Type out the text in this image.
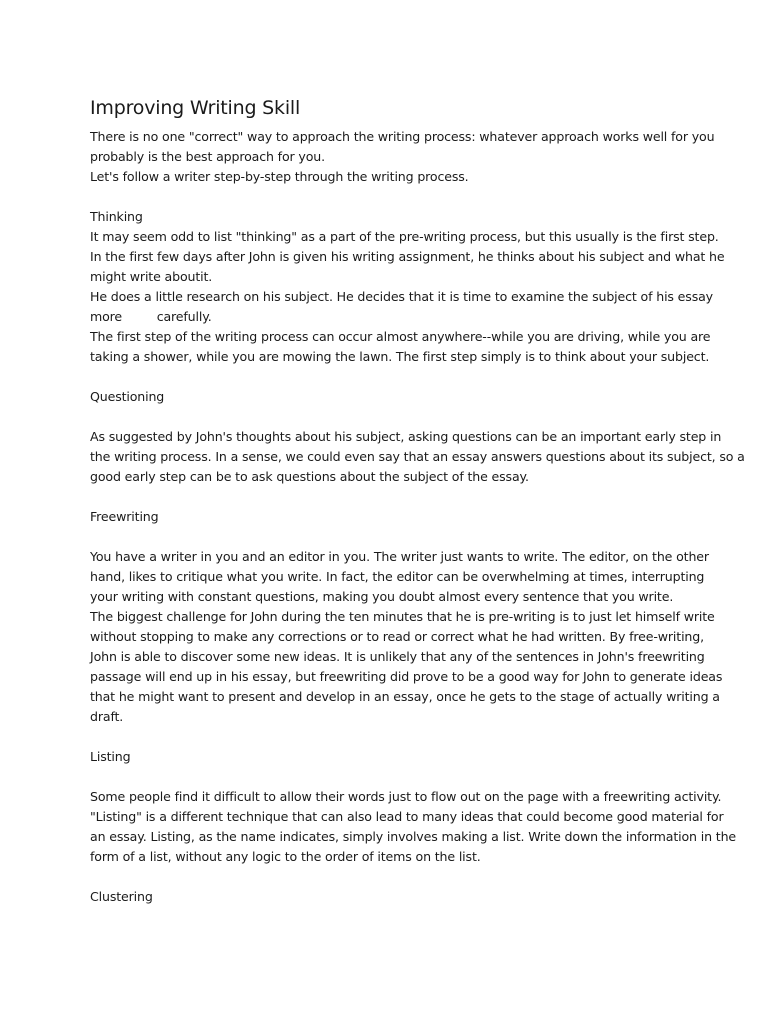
Improving Writing Skill
There is no one "correct" way to approach the writing process: whatever approach works well for you
probably is the best approach for you.
Let's follow a writer step-by-step through the writing process.
Thinking
It may seem odd to list "thinking" as a part of the pre-writing process, but this usually is the first step.
In the first few days after John is given his writing assignment, he thinks about his subject and what he
might write aboutit.
He does a little research on his subject. He decides that it is time to examine the subject of his essay
more         carefully.
The first step of the writing process can occur almost anywhere--while you are driving, while you are
taking a shower, while you are mowing the lawn. The first step simply is to think about your subject.
Questioning
As suggested by John's thoughts about his subject, asking questions can be an important early step in
the writing process. In a sense, we could even say that an essay answers questions about its subject, so a
good early step can be to ask questions about the subject of the essay.
Freewriting
You have a writer in you and an editor in you. The writer just wants to write. The editor, on the other
hand, likes to critique what you write. In fact, the editor can be overwhelming at times, interrupting
your writing with constant questions, making you doubt almost every sentence that you write.
The biggest challenge for John during the ten minutes that he is pre-writing is to just let himself write
without stopping to make any corrections or to read or correct what he had written. By free-writing,
John is able to discover some new ideas. It is unlikely that any of the sentences in John's freewriting
passage will end up in his essay, but freewriting did prove to be a good way for John to generate ideas
that he might want to present and develop in an essay, once he gets to the stage of actually writing a
draft.
Listing
Some people find it difficult to allow their words just to flow out on the page with a freewriting activity.
"Listing" is a different technique that can also lead to many ideas that could become good material for
an essay. Listing, as the name indicates, simply involves making a list. Write down the information in the
form of a list, without any logic to the order of items on the list.
Clustering
